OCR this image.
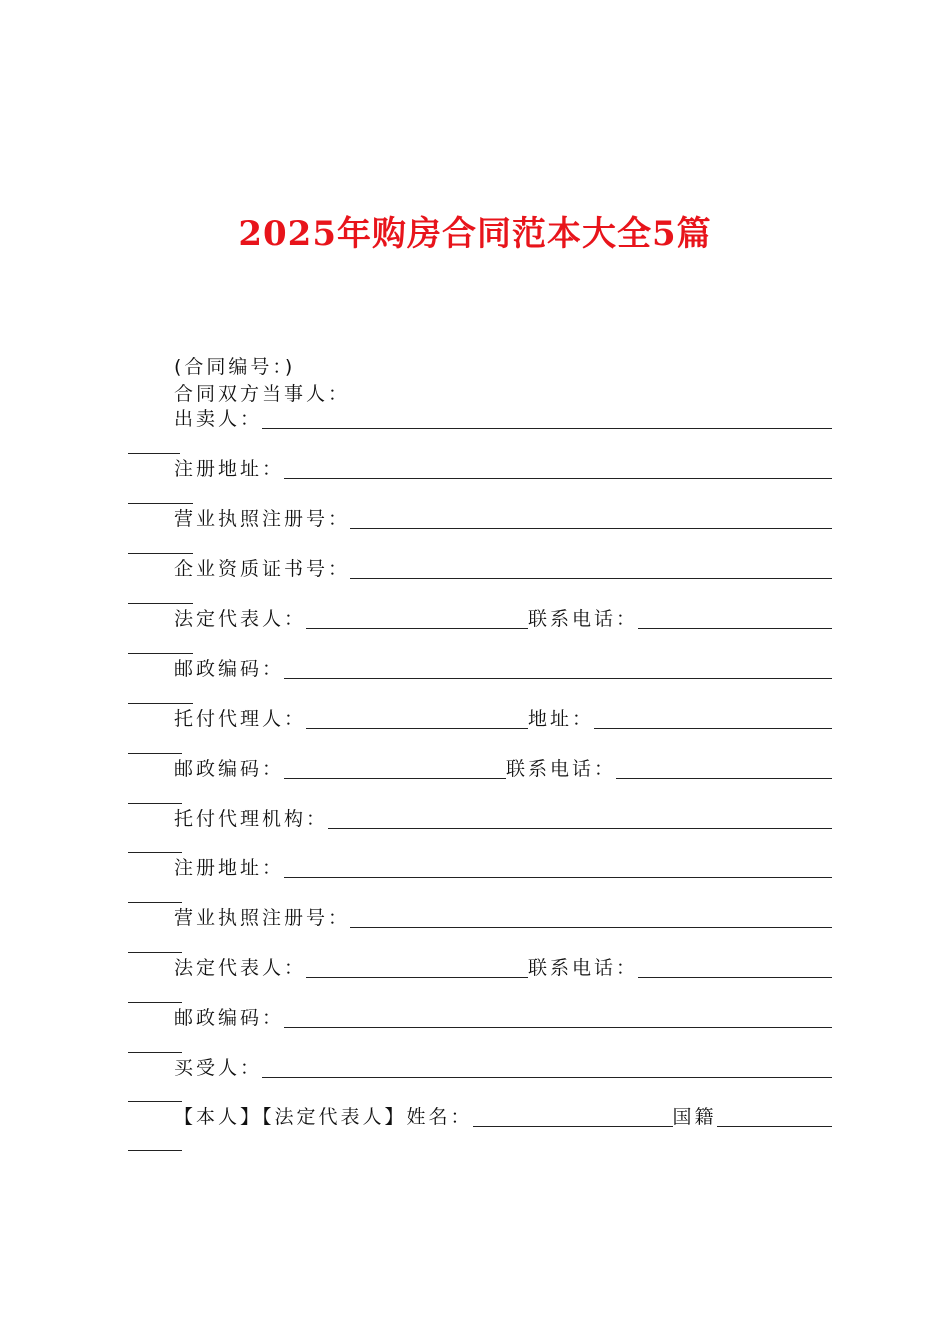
2025年购房合同范本大全5篇
(合同编号：)
合同双方当事人：
出卖人：
注册地址：
营业执照注册号：
企业资质证书号：
法定代表人：	联系电话：
邮政编码：
托付代理人：	地址：
邮政编码：	联系电话：
托付代理机构：
注册地址：
营业执照注册号：
法定代表人：	联系电话：
邮政编码：
买受人：
【本人】【法定代表人】姓名：	国籍
